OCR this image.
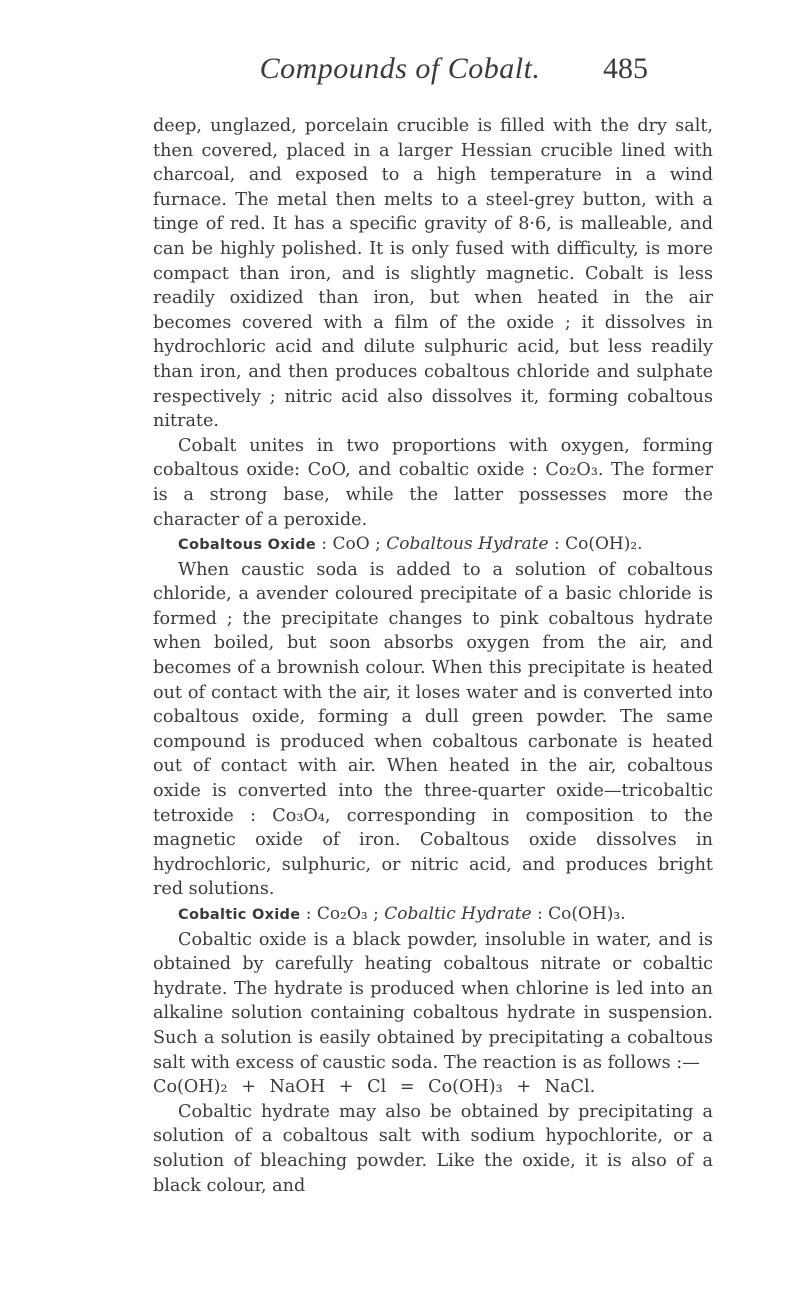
Compounds of Cobalt.	485

deep, unglazed, porcelain crucible is filled with the dry salt, then covered, placed in a larger Hessian crucible lined with charcoal, and exposed to a high temperature in a wind furnace. The metal then melts to a steel-grey button, with a tinge of red. It has a specific gravity of 8·6, is malleable, and can be highly polished. It is only fused with difficulty, is more compact than iron, and is slightly magnetic. Cobalt is less readily oxidized than iron, but when heated in the air becomes covered with a film of the oxide ; it dissolves in hydrochloric acid and dilute sulphuric acid, but less readily than iron, and then produces cobaltous chloride and sulphate respectively ; nitric acid also dissolves it, forming cobaltous nitrate.

Cobalt unites in two proportions with oxygen, forming cobaltous oxide: CoO, and cobaltic oxide : Co₂O₃. The former is a strong base, while the latter possesses more the character of a peroxide.

Cobaltous Oxide : CoO ; Cobaltous Hydrate : Co(OH)₂.

When caustic soda is added to a solution of cobaltous chloride, a avender coloured precipitate of a basic chloride is formed ; the precipitate changes to pink cobaltous hydrate when boiled, but soon absorbs oxygen from the air, and becomes of a brownish colour. When this precipitate is heated out of contact with the air, it loses water and is converted into cobaltous oxide, forming a dull green powder. The same compound is produced when cobaltous carbonate is heated out of contact with air. When heated in the air, cobaltous oxide is converted into the three-quarter oxide—tricobaltic tetroxide : Co₃O₄, corresponding in composition to the magnetic oxide of iron. Cobaltous oxide dissolves in hydrochloric, sulphuric, or nitric acid, and produces bright red solutions.

Cobaltic Oxide : Co₂O₃ ; Cobaltic Hydrate : Co(OH)₃.

Cobaltic oxide is a black powder, insoluble in water, and is obtained by carefully heating cobaltous nitrate or cobaltic hydrate. The hydrate is produced when chlorine is led into an alkaline solution containing cobaltous hydrate in suspension. Such a solution is easily obtained by precipitating a cobaltous salt with excess of caustic soda. The reaction is as follows :—

Co(OH)₂ + NaOH + Cl = Co(OH)₃ + NaCl.

Cobaltic hydrate may also be obtained by precipitating a solution of a cobaltous salt with sodium hypochlorite, or a solution of bleaching powder. Like the oxide, it is also of a black colour, and
